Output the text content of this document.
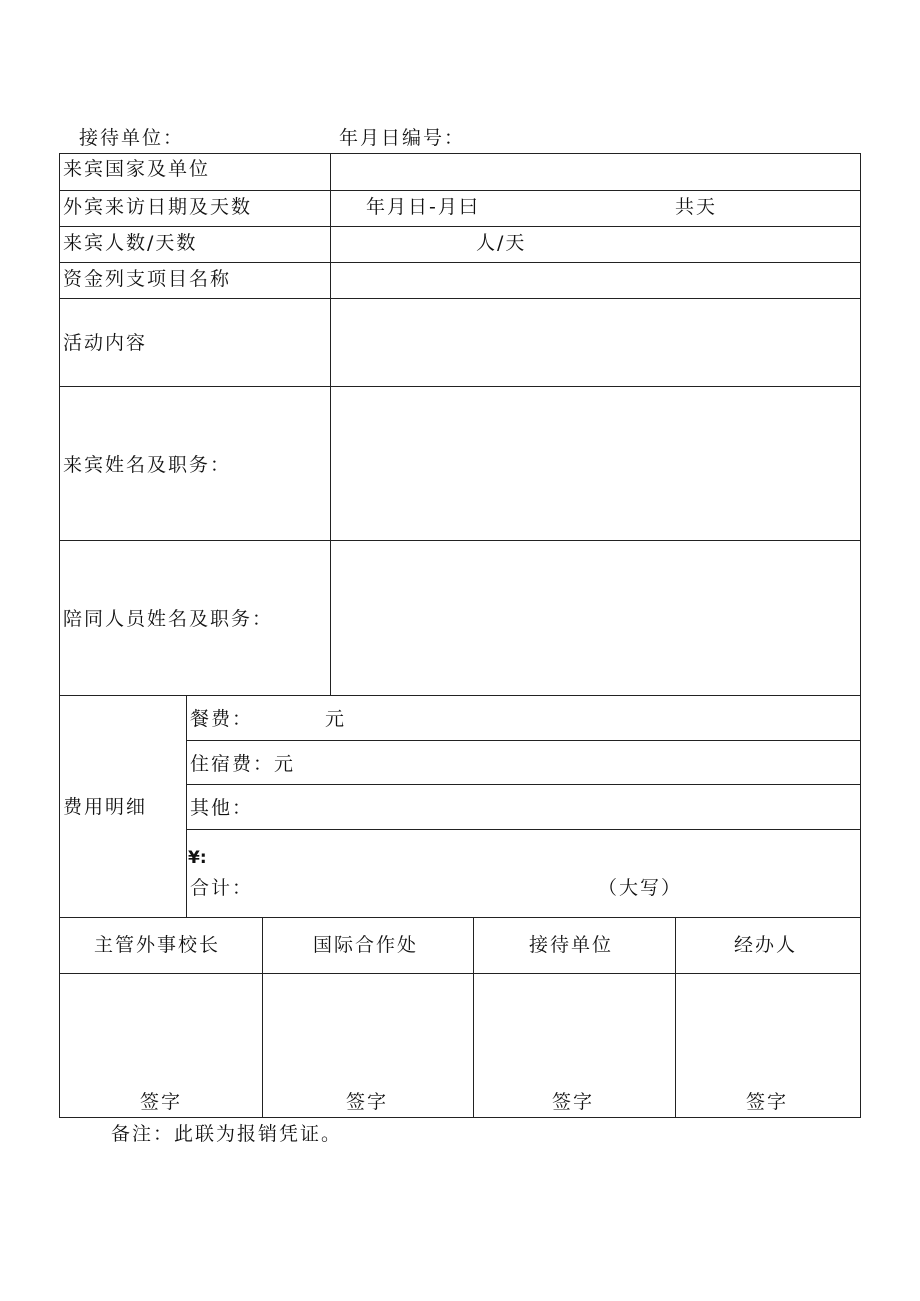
接待单位：	年月日编号：
来宾国家及单位
外宾来访日期及天数	年月日-月曰	共天
来宾人数/天数	人/天
资金列支项目名称
活动内容
来宾姓名及职务：
陪同人员姓名及职务：
费用明细
餐费：	元
住宿费：元
其他：
¥:
合计：	（大写）
主管外事校长	国际合作处	接待单位	经办人
签字	签字	签字	签字
备注：此联为报销凭证。
